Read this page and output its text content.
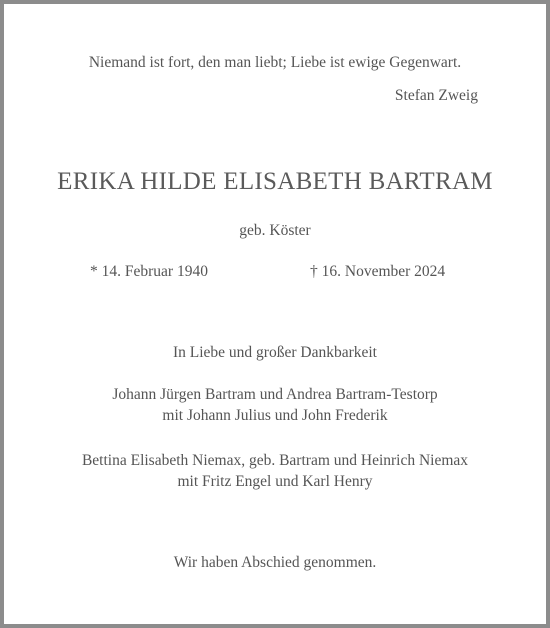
Niemand ist fort, den man liebt; Liebe ist ewige Gegenwart.
Stefan Zweig
ERIKA HILDE ELISABETH BARTRAM
geb. Köster
* 14. Februar 1940	† 16. November 2024
In Liebe und großer Dankbarkeit
Johann Jürgen Bartram und Andrea Bartram-Testorp
mit Johann Julius und John Frederik
Bettina Elisabeth Niemax, geb. Bartram und Heinrich Niemax
mit Fritz Engel und Karl Henry
Wir haben Abschied genommen.
